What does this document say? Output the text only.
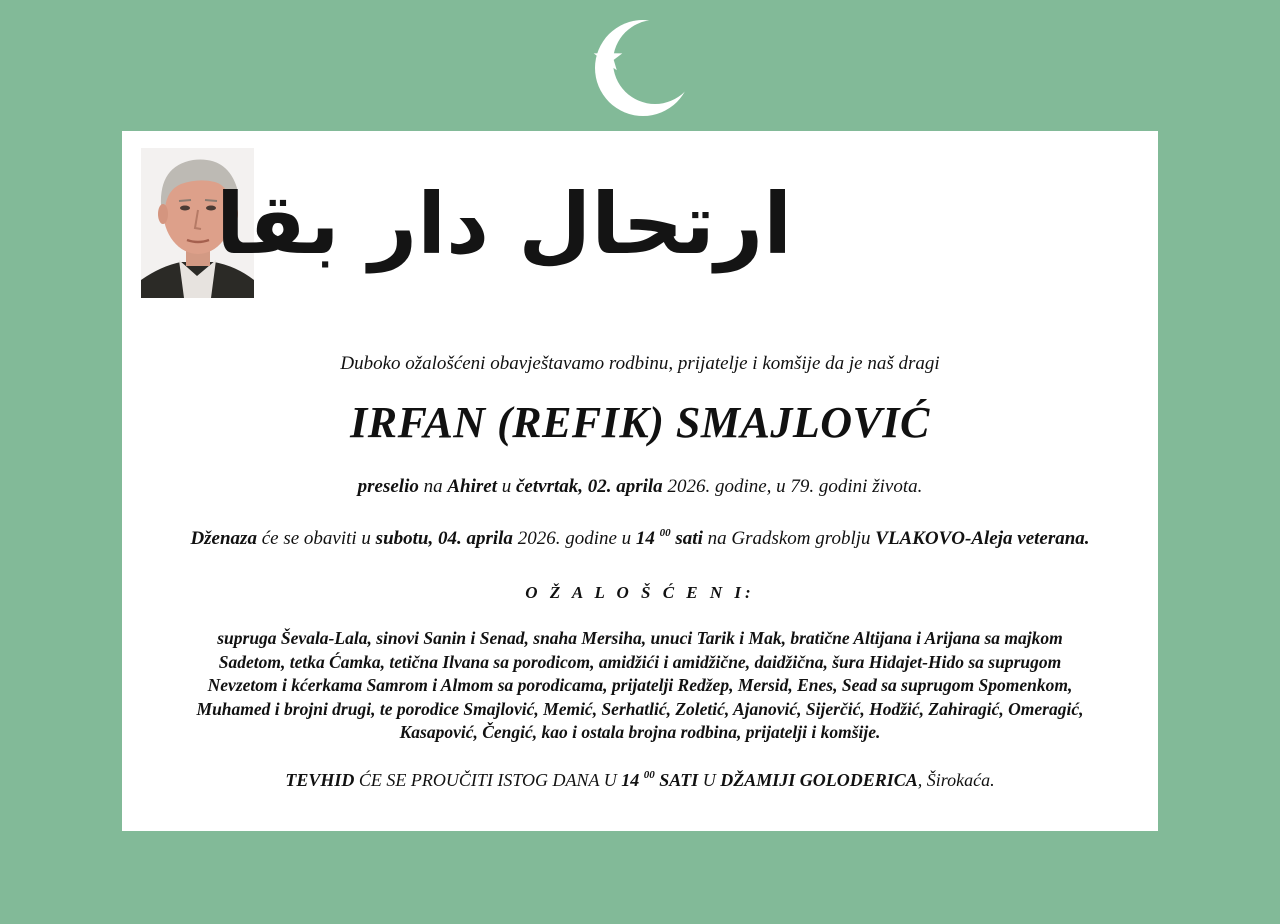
ارتحال دار بقا
Duboko ožalošćeni obavještavamo rodbinu, prijatelje i komšije da je naš dragi
IRFAN (REFIK) SMAJLOVIĆ
preselio na Ahiret u četvrtak, 02. aprila 2026. godine, u 79. godini života.
Dženaza će se obaviti u subotu, 04. aprila 2026. godine u 14 $^{00}$ sati na Gradskom groblju VLAKOVO-Aleja veterana.
O Ž A L O Š Ć E N I:
supruga Ševala-Lala, sinovi Sanin i Senad, snaha Mersiha, unuci Tarik i Mak, bratične Altijana i Arijana sa majkom
Sadetom, tetka Ćamka, tetična Ilvana sa porodicom, amidžići i amidžične, daidžična, šura Hidajet-Hido sa suprugom
Nevzetom i kćerkama Samrom i Almom sa porodicama, prijatelji Redžep, Mersid, Enes, Sead sa suprugom Spomenkom,
Muhamed i brojni drugi, te porodice Smajlović, Memić, Serhatlić, Zoletić, Ajanović, Sijerčić, Hodžić, Zahiragić, Omeragić,
Kasapović, Čengić, kao i ostala brojna rodbina, prijatelji i komšije.
TEVHID ĆE SE PROUČITI ISTOG DANA U 14 $^{00}$ SATI U DŽAMIJI GOLODERICA, Širokaća.
